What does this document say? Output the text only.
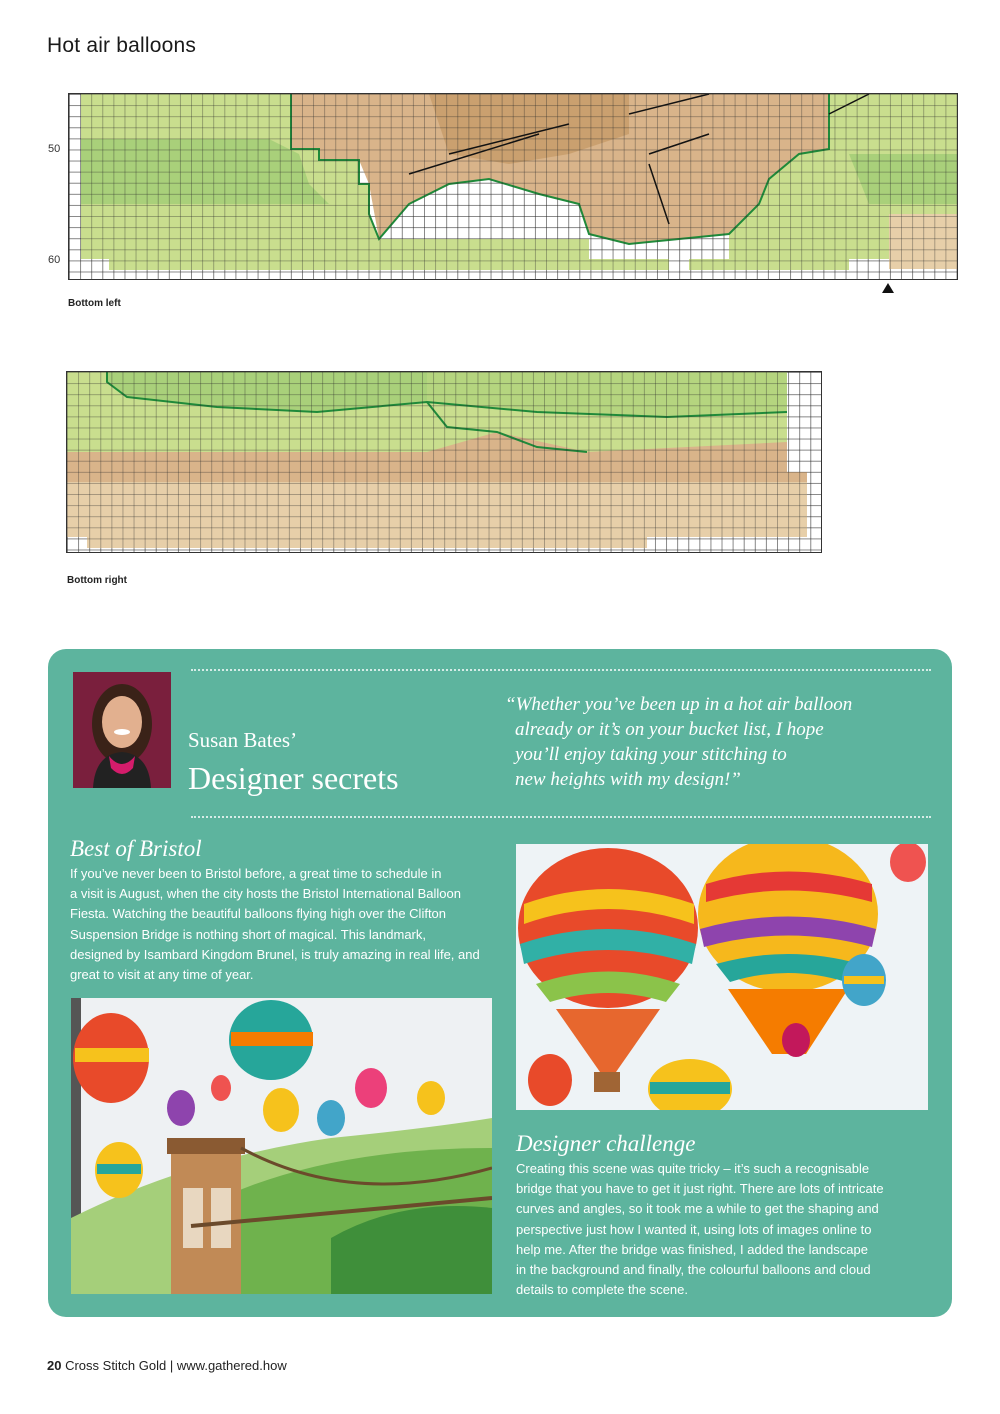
Hot air balloons
50
60
Bottom left
Bottom right
Susan Bates’
Designer secrets
“Whether you’ve been up in a hot air balloon
already or it’s on your bucket list, I hope
you’ll enjoy taking your stitching to
new heights with my design!”
Best of Bristol
If you’ve never been to Bristol before, a great time to schedule in
a visit is August, when the city hosts the Bristol International Balloon
Fiesta. Watching the beautiful balloons flying high over the Clifton
Suspension Bridge is nothing short of magical. This landmark,
designed by Isambard Kingdom Brunel, is truly amazing in real life, and
great to visit at any time of year.
Designer challenge
Creating this scene was quite tricky – it’s such a recognisable
bridge that you have to get it just right. There are lots of intricate
curves and angles, so it took me a while to get the shaping and
perspective just how I wanted it, using lots of images online to
help me. After the bridge was finished, I added the landscape
in the background and finally, the colourful balloons and cloud
details to complete the scene.
20 Cross Stitch Gold | www.gathered.how
